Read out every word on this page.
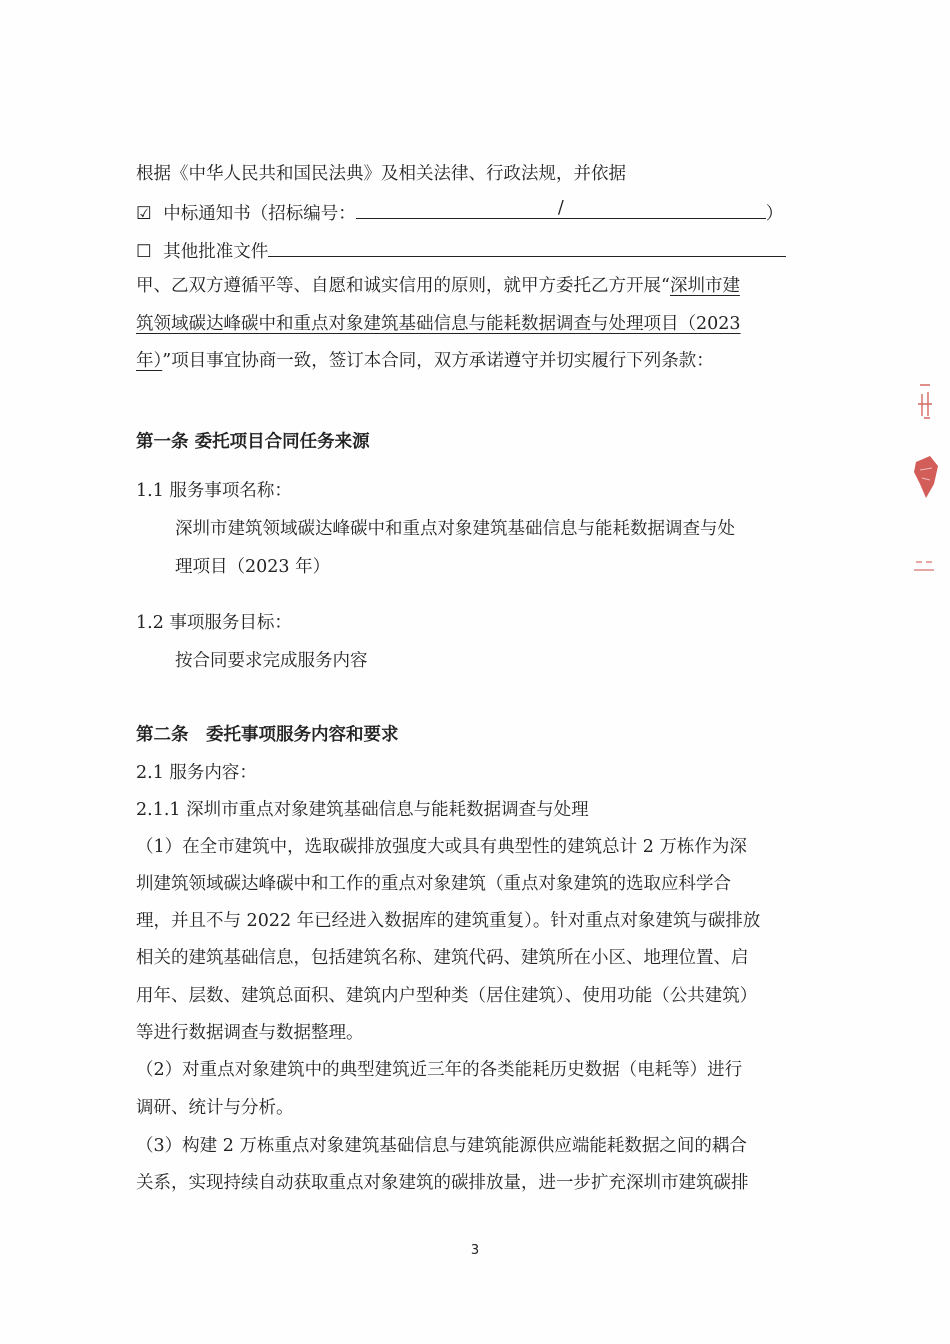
根据《中华人民共和国民法典》及相关法律、行政法规，并依据
☑ 中标通知书（招标编号：	/	）
☐ 其他批准文件
甲、乙双方遵循平等、自愿和诚实信用的原则，就甲方委托乙方开展“深圳市建
筑领域碳达峰碳中和重点对象建筑基础信息与能耗数据调查与处理项目（2023
年）”项目事宜协商一致，签订本合同，双方承诺遵守并切实履行下列条款：
第一条 委托项目合同任务来源
1.1 服务事项名称：
深圳市建筑领域碳达峰碳中和重点对象建筑基础信息与能耗数据调查与处
理项目（2023 年）
1.2 事项服务目标：
按合同要求完成服务内容
第二条　委托事项服务内容和要求
2.1 服务内容：
2.1.1 深圳市重点对象建筑基础信息与能耗数据调查与处理
（1）在全市建筑中，选取碳排放强度大或具有典型性的建筑总计 2 万栋作为深
圳建筑领域碳达峰碳中和工作的重点对象建筑（重点对象建筑的选取应科学合
理，并且不与 2022 年已经进入数据库的建筑重复）。针对重点对象建筑与碳排放
相关的建筑基础信息，包括建筑名称、建筑代码、建筑所在小区、地理位置、启
用年、层数、建筑总面积、建筑内户型种类（居住建筑）、使用功能（公共建筑）
等进行数据调查与数据整理。
（2）对重点对象建筑中的典型建筑近三年的各类能耗历史数据（电耗等）进行
调研、统计与分析。
（3）构建 2 万栋重点对象建筑基础信息与建筑能源供应端能耗数据之间的耦合
关系，实现持续自动获取重点对象建筑的碳排放量，进一步扩充深圳市建筑碳排
3
